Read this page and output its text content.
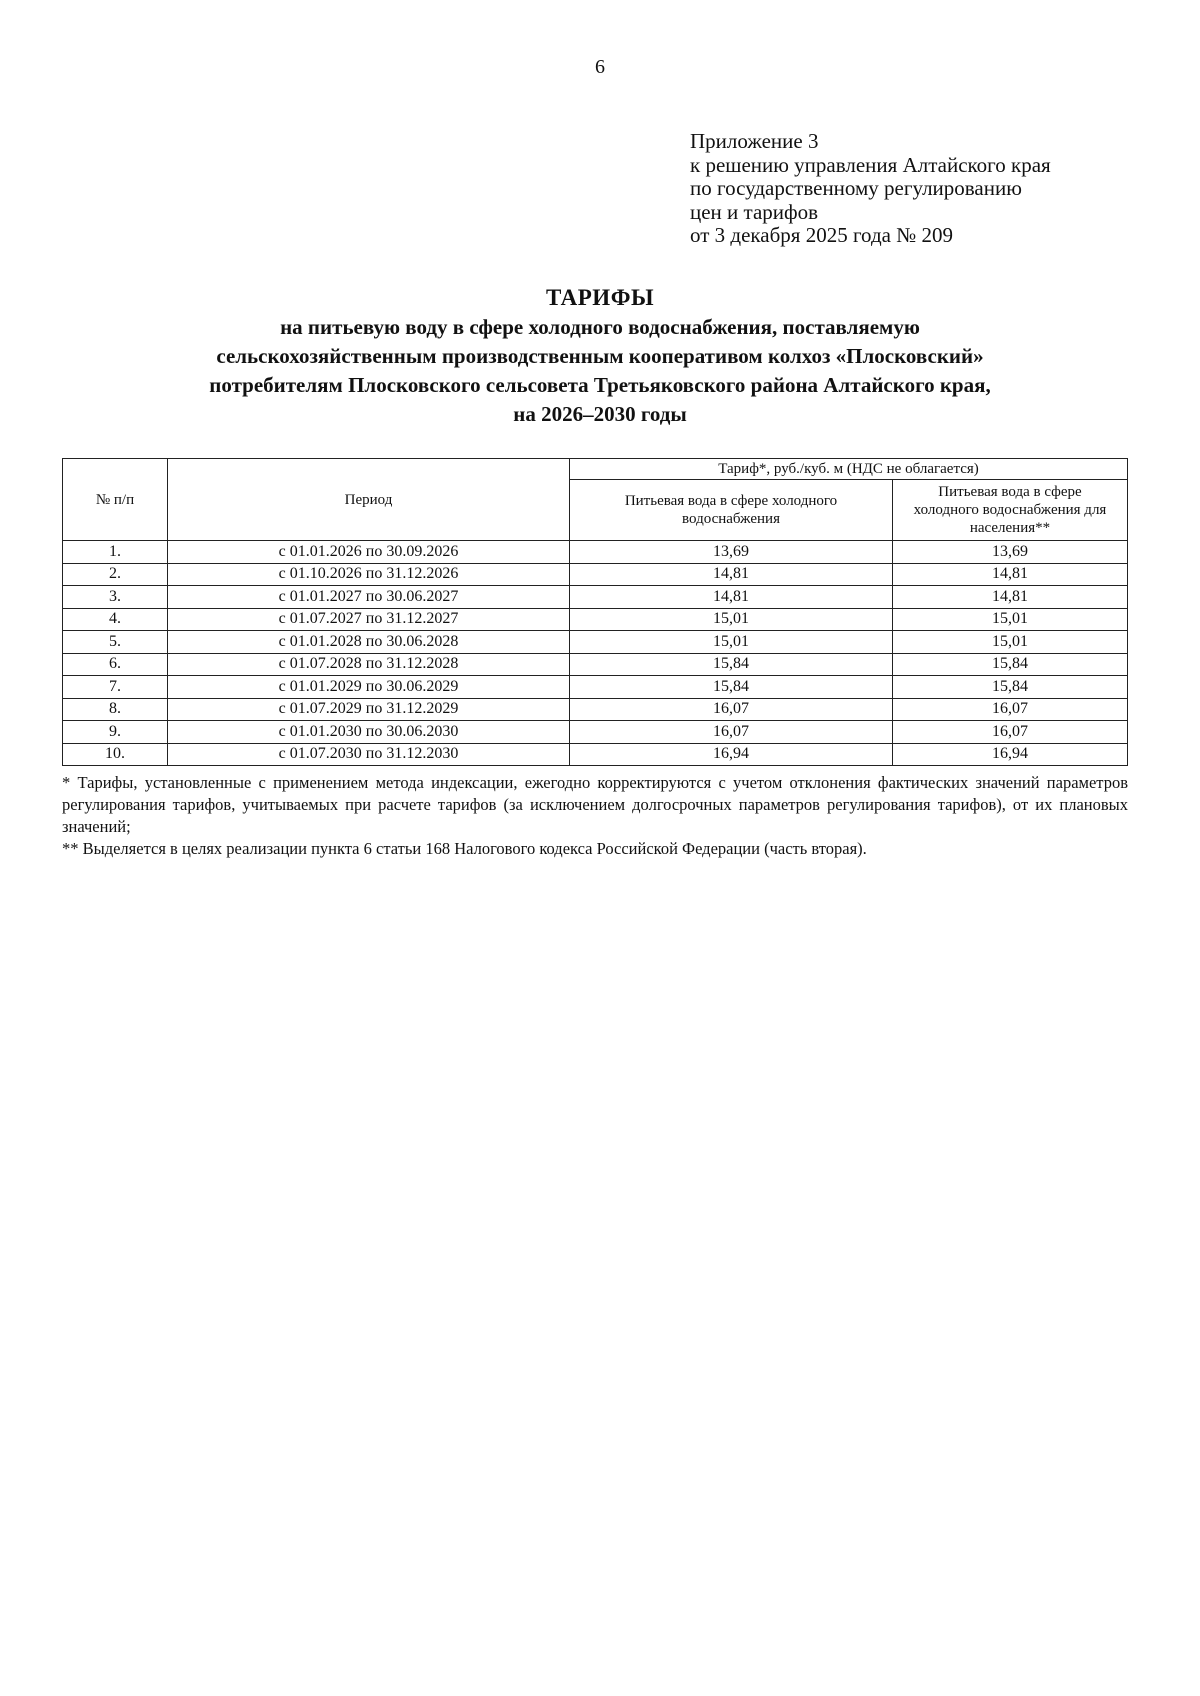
6
Приложение 3
к решению управления Алтайского края
по государственному регулированию
цен и тарифов
от 3 декабря 2025 года № 209
ТАРИФЫ
на питьевую воду в сфере холодного водоснабжения, поставляемую
сельскохозяйственным производственным кооперативом колхоз «Плосковский»
потребителям Плосковского сельсовета Третьяковского района Алтайского края,
на 2026–2030 годы
№ п/п	Период	Тариф*, руб./куб. м (НДС не облагается)	
		Питьевая вода в сфере холодного водоснабжения	Питьевая вода в сфере холодного водоснабжения для населения**
1.	с 01.01.2026 по 30.09.2026	13,69	13,69
2.	с 01.10.2026 по 31.12.2026	14,81	14,81
3.	с 01.01.2027 по 30.06.2027	14,81	14,81
4.	с 01.07.2027 по 31.12.2027	15,01	15,01
5.	с 01.01.2028 по 30.06.2028	15,01	15,01
6.	с 01.07.2028 по 31.12.2028	15,84	15,84
7.	с 01.01.2029 по 30.06.2029	15,84	15,84
8.	с 01.07.2029 по 31.12.2029	16,07	16,07
9.	с 01.01.2030 по 30.06.2030	16,07	16,07
10.	с 01.07.2030 по 31.12.2030	16,94	16,94

* Тарифы, установленные с применением метода индексации, ежегодно корректируются с учетом отклонения фактических значений параметров регулирования тарифов, учитываемых при расчете тарифов (за исключением долгосрочных параметров регулирования тарифов), от их плановых значений;

** Выделяется в целях реализации пункта 6 статьи 168 Налогового кодекса Российской Федерации (часть вторая).
